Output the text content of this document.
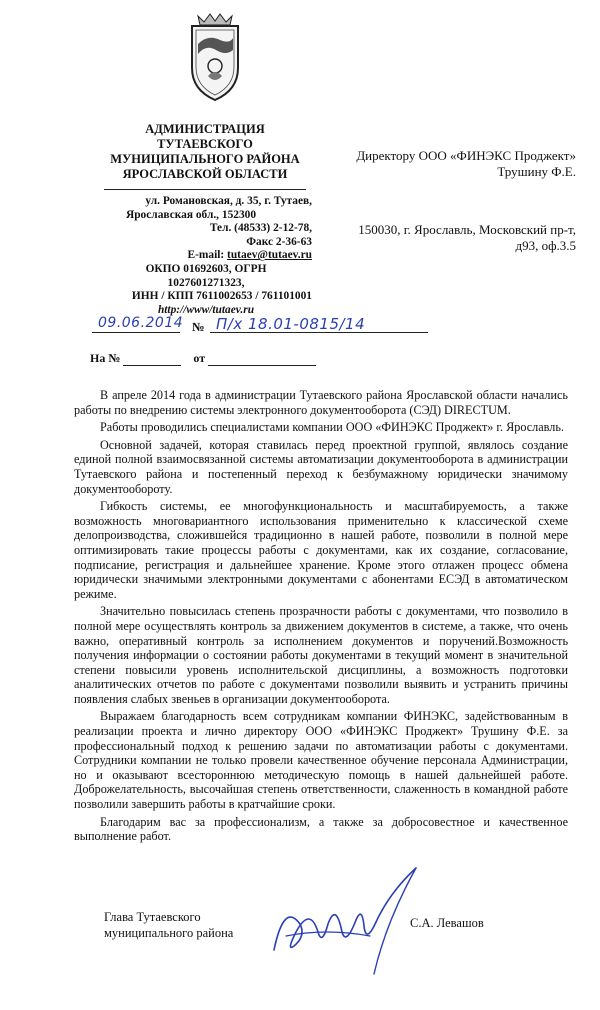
АДМИНИСТРАЦИЯ
ТУТАЕВСКОГО
МУНИЦИПАЛЬНОГО РАЙОНА
ЯРОСЛАВСКОЙ ОБЛАСТИ
ул. Романовская, д. 35, г. Тутаев,
Ярославская обл., 152300
Тел. (48533) 2-12-78,
Факс 2-36-63
E-mail: tutaev@tutaev.ru
ОКПО 01692603, ОГРН
1027601271323,
ИНН / КПП 7611002653 / 761101001
http://www/tutaev.ru
Директору ООО «ФИНЭКС Проджект»
Трушину Ф.Е.
150030, г. Ярославль, Московский пр-т,
д93, оф.3.5
09.06.2014 № П/х 18.01-0815/14
На №	от

В апреле 2014 года в администрации Тутаевского района Ярославской области начались работы по внедрению системы электронного документооборота (СЭД) DIRECTUM.

Работы проводились специалистами компании ООО «ФИНЭКС Проджект» г. Ярославль.

Основной задачей, которая ставилась перед проектной группой, являлось создание единой полной взаимосвязанной системы автоматизации документооборота в администрации Тутаевского района и постепенный переход к безбумажному юридически значимому документообороту.

Гибкость системы, ее многофункциональность и масштабируемость, а также возможность многовариантного использования применительно к классической схеме делопроизводства, сложившейся традиционно в нашей работе, позволили в полной мере оптимизировать такие процессы работы с документами, как их создание, согласование, подписание, регистрация и дальнейшее хранение. Кроме этого отлажен процесс обмена юридически значимыми электронными документами с абонентами ЕСЭД в автоматическом режиме.

Значительно повысилась степень прозрачности работы с документами, что позволило в полной мере осуществлять контроль за движением документов в системе, а также, что очень важно, оперативный контроль за исполнением документов и поручений.Возможность получения информации о состоянии работы документами в текущий момент в значительной степени повысили уровень исполнительской дисциплины, а возможность подготовки аналитических отчетов по работе с документами позволили выявить и устранить причины появления слабых звеньев в организации документооборота.

Выражаем благодарность всем сотрудникам компании ФИНЭКС, задействованным в реализации проекта и лично директору ООО «ФИНЭКС Проджект» Трушину Ф.Е. за профессиональный подход к решению задачи по автоматизации работы с документами. Сотрудники компании не только провели качественное обучение персонала Администрации, но и оказывают всестороннюю методическую помощь в нашей дальнейшей работе. Доброжелательность, высочайшая степень ответственности, слаженность в командной работе позволили завершить работы в кратчайшие сроки.

Благодарим вас за профессионализм, а также за добросовестное и качественное выполнение работ.

Глава Тутаевского
муниципального района
С.А. Левашов
